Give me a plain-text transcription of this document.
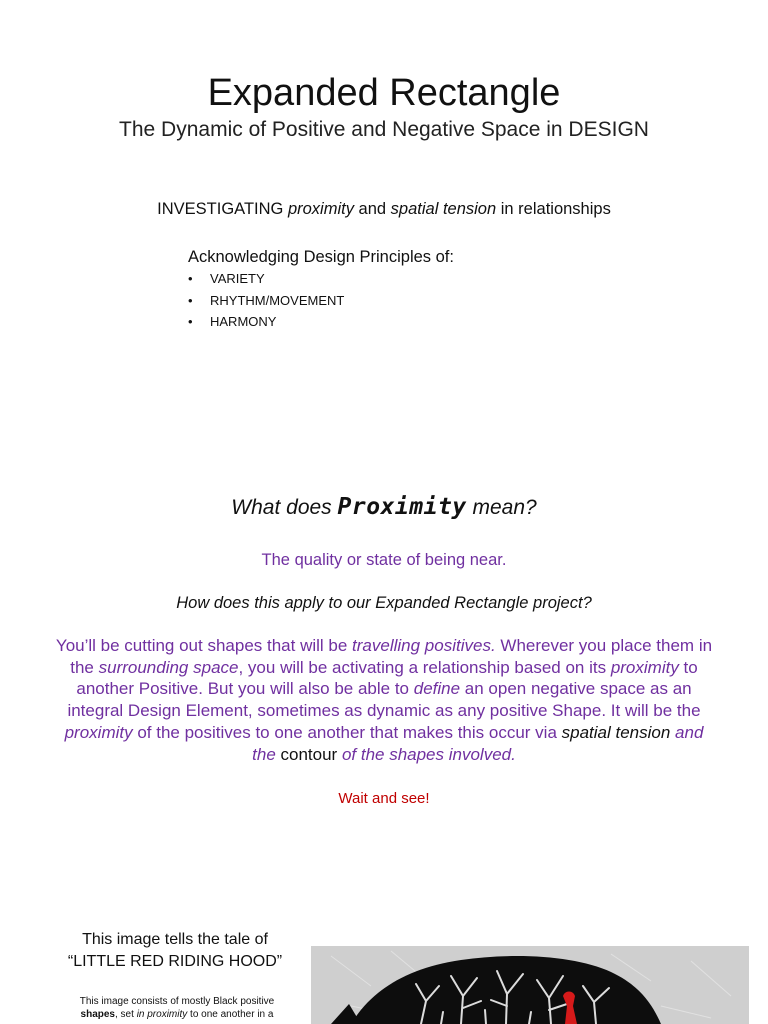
Expanded Rectangle
The Dynamic of Positive and Negative Space in DESIGN
INVESTIGATING proximity and spatial tension in relationships
Acknowledging Design Principles of:
• VARIETY
• RHYTHM/MOVEMENT
• HARMONY
What does Proximity mean?
The quality or state of being near.
How does this apply to our Expanded Rectangle project?
You’ll be cutting out shapes that will be travelling positives. Wherever you place them in the surrounding space, you will be activating a relationship based on its proximity to another Positive. But you will also be able to define an open negative space as an integral Design Element, sometimes as dynamic as any positive Shape. It will be the proximity of the positives to one another that makes this occur via spatial tension and the contour of the shapes involved.
Wait and see!
This image tells the tale of
“LITTLE RED RIDING HOOD”
This image consists of mostly Black positive shapes, set in proximity to one another in a
